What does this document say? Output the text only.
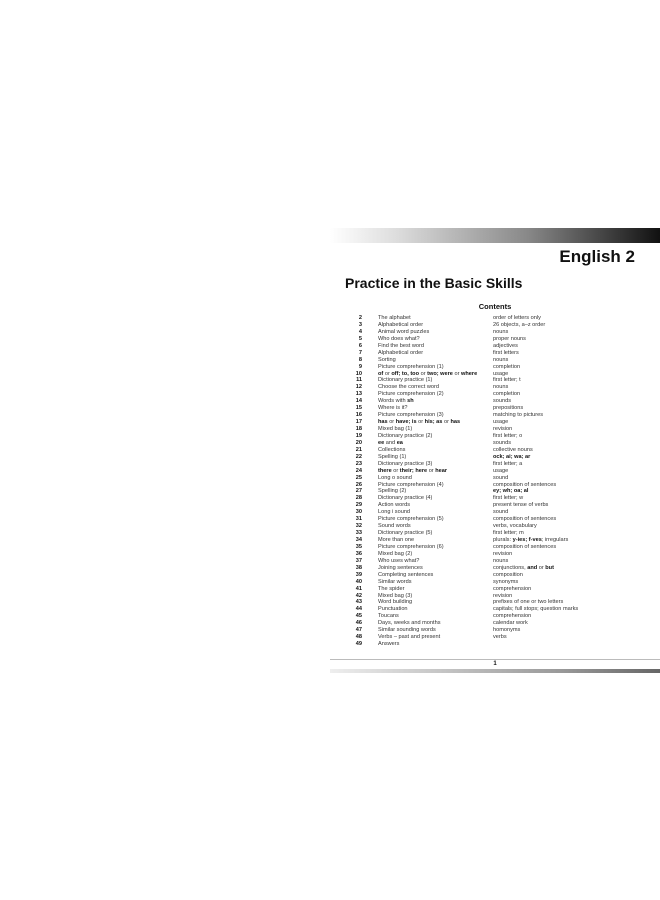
English 2
Practice in the Basic Skills
Contents
2	The alphabet	order of letters only
3	Alphabetical order	26 objects, a–z order
4	Animal word puzzles	nouns
5	Who does what?	proper nouns
6	Find the best word	adjectives
7	Alphabetical order	first letters
8	Sorting	nouns
9	Picture comprehension (1)	completion
10	of or off; to, too or two; were or where	usage
11	Dictionary practice (1)	first letter; t
12	Choose the correct word	nouns
13	Picture comprehension (2)	completion
14	Words with sh	sounds
15	Where is it?	prepositions
16	Picture comprehension (3)	matching to pictures
17	has or have; is or his; as or has	usage
18	Mixed bag (1)	revision
19	Dictionary practice (2)	first letter; o
20	ee and ea	sounds
21	Collections	collective nouns
22	Spelling (1)	ock; ai; wa; ar
23	Dictionary practice (3)	first letter; a
24	there or their; here or hear	usage
25	Long o sound	sound
26	Picture comprehension (4)	composition of sentences
27	Spelling (2)	ey; wh; oa; al
28	Dictionary practice (4)	first letter; w
29	Action words	present tense of verbs
30	Long i sound	sound
31	Picture comprehension (5)	composition of sentences
32	Sound words	verbs, vocabulary
33	Dictionary practice (5)	first letter; m
34	More than one	plurals: y-ies; f-ves; irregulars
35	Picture comprehension (6)	composition of sentences
36	Mixed bag (2)	revision
37	Who uses what?	nouns
38	Joining sentences	conjunctions, and or but
39	Completing sentences	composition
40	Similar words	synonyms
41	The spider	comprehension
42	Mixed bag (3)	revision
43	Word building	prefixes of one or two letters
44	Punctuation	capitals; full stops; question marks
45	Toucans	comprehension
46	Days, weeks and months	calendar work
47	Similar sounding words	homonyms
48	Verbs – past and present	verbs
49	Answers
1
